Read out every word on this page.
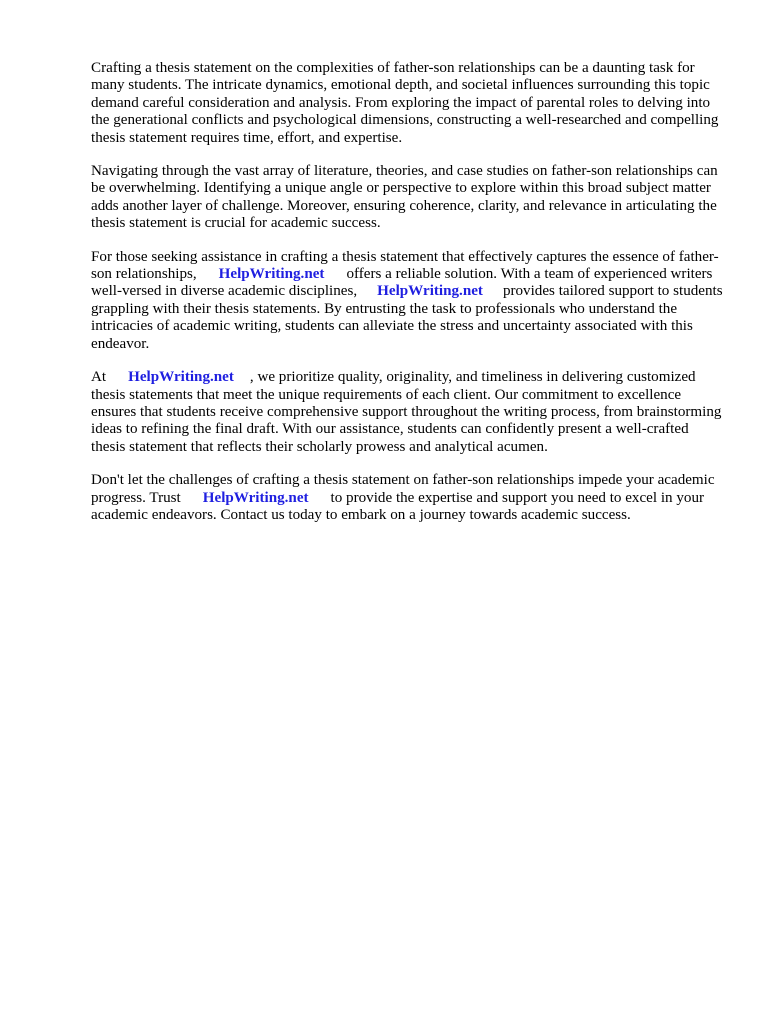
Crafting a thesis statement on the complexities of father-son relationships can be a daunting task for many students. The intricate dynamics, emotional depth, and societal influences surrounding this topic demand careful consideration and analysis. From exploring the impact of parental roles to delving into the generational conflicts and psychological dimensions, constructing a well-researched and compelling thesis statement requires time, effort, and expertise.

Navigating through the vast array of literature, theories, and case studies on father-son relationships can be overwhelming. Identifying a unique angle or perspective to explore within this broad subject matter adds another layer of challenge. Moreover, ensuring coherence, clarity, and relevance in articulating the thesis statement is crucial for academic success.

For those seeking assistance in crafting a thesis statement that effectively captures the essence of father-son relationships, HelpWriting.net offers a reliable solution. With a team of experienced writers well-versed in diverse academic disciplines, HelpWriting.net provides tailored support to students grappling with their thesis statements. By entrusting the task to professionals who understand the intricacies of academic writing, students can alleviate the stress and uncertainty associated with this endeavor.

At HelpWriting.net , we prioritize quality, originality, and timeliness in delivering customized thesis statements that meet the unique requirements of each client. Our commitment to excellence ensures that students receive comprehensive support throughout the writing process, from brainstorming ideas to refining the final draft. With our assistance, students can confidently present a well-crafted thesis statement that reflects their scholarly prowess and analytical acumen.

Don't let the challenges of crafting a thesis statement on father-son relationships impede your academic progress. Trust HelpWriting.net to provide the expertise and support you need to excel in your academic endeavors. Contact us today to embark on a journey towards academic success.
